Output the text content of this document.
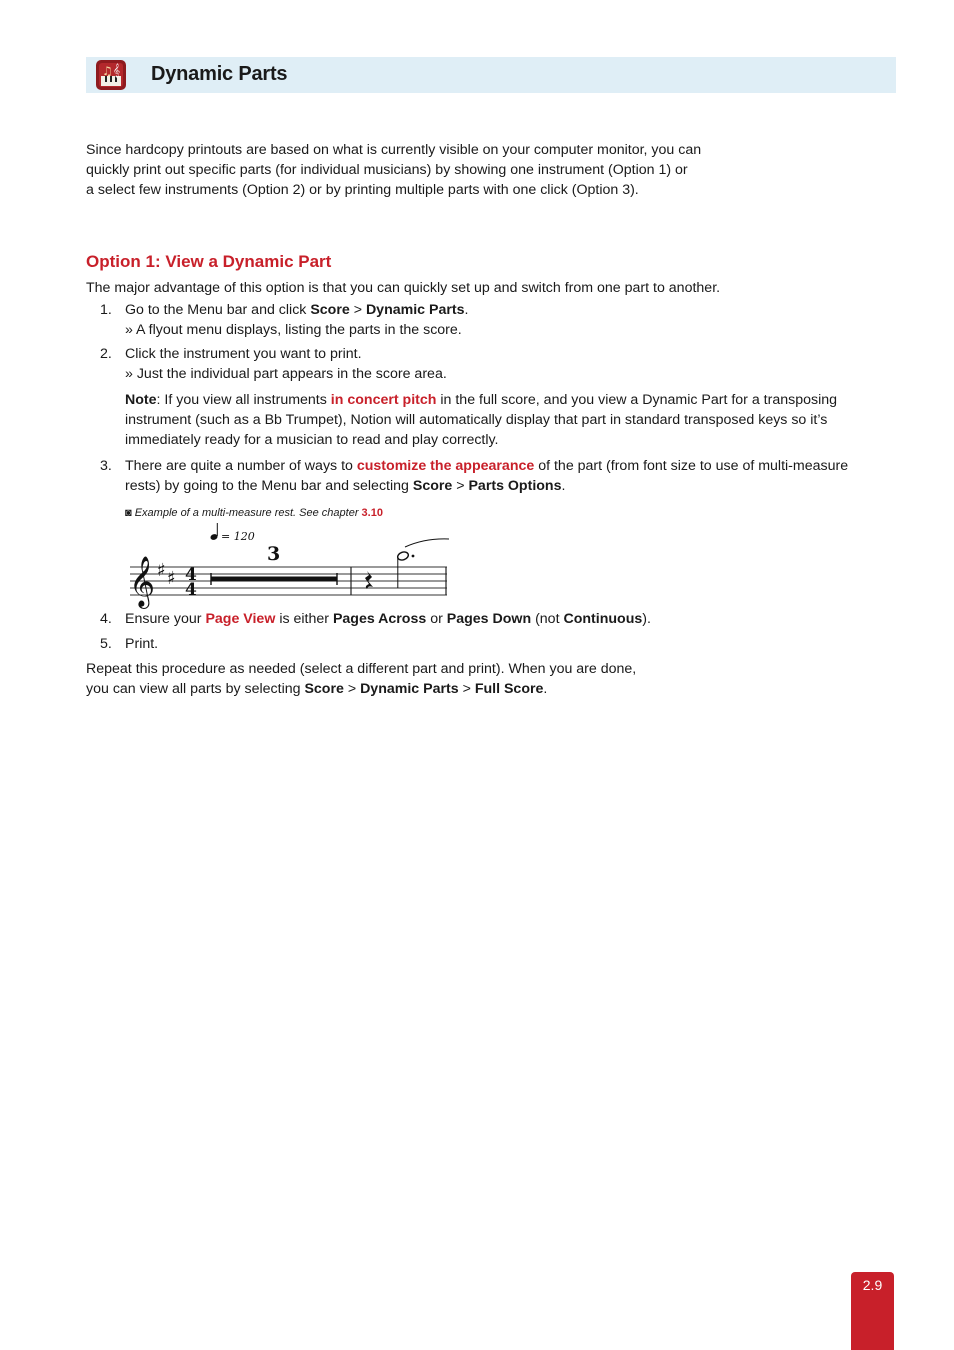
♫ 𝄞 Dynamic Parts
Since hardcopy printouts are based on what is currently visible on your computer monitor, you can
quickly print out specific parts (for individual musicians) by showing one instrument (Option 1) or
a select few instruments (Option 2) or by printing multiple parts with one click (Option 3).
Option 1: View a Dynamic Part
The major advantage of this option is that you can quickly set up and switch from one part to another.
1. Go to the Menu bar and click Score > Dynamic Parts.
» A flyout menu displays, listing the parts in the score.
2. Click the instrument you want to print.
» Just the individual part appears in the score area.
Note: If you view all instruments in concert pitch in the full score, and you view a Dynamic Part for a transposing
instrument (such as a Bb Trumpet), Notion will automatically display that part in standard transposed keys so it’s
immediately ready for a musician to read and play correctly.
3. There are quite a number of ways to customize the appearance of the part (from font size to use of multi-measure
rests) by going to the Menu bar and selecting Score > Parts Options.
◙ Example of a multi-measure rest. See chapter 3.10
𝄞 ♯ ♯ 4
4
= 120
3
4. Ensure your Page View is either Pages Across or Pages Down (not Continuous).
5. Print.
Repeat this procedure as needed (select a different part and print). When you are done,
you can view all parts by selecting Score > Dynamic Parts > Full Score.
2.9
